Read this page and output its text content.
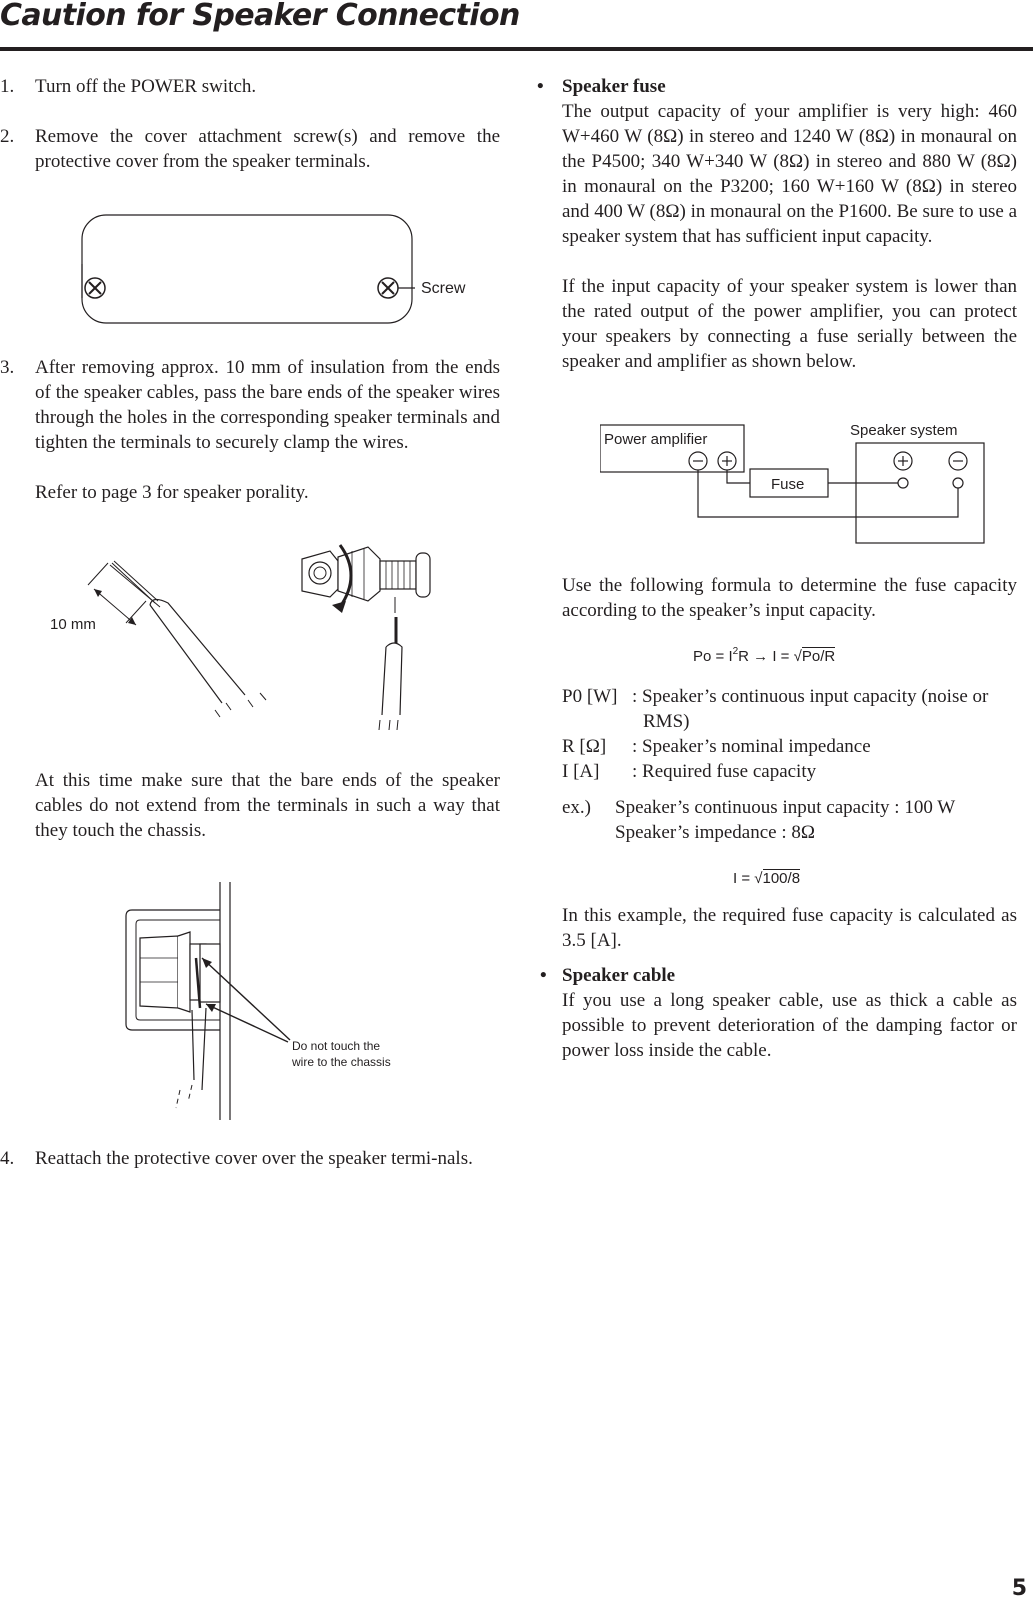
Caution for Speaker Connection
1. Turn off the POWER switch.
2. Remove the cover attachment screw(s) and remove the protective cover from the speaker terminals.
Screw
3. After removing approx. 10 mm of insulation from the ends of the speaker cables, pass the bare ends of the speaker wires through the holes in the corresponding speaker terminals and tighten the terminals to securely clamp the wires.
Refer to page 3 for speaker porality.
10 mm
At this time make sure that the bare ends of the speaker cables do not extend from the terminals in such a way that they touch the chassis.
Do not touch the
wire to the chassis
4. Reattach the protective cover over the speaker termi-nals.
• Speaker fuse
The output capacity of your amplifier is very high: 460 W+460 W (8Ω) in stereo and 1240 W (8Ω) in monaural on the P4500; 340 W+340 W (8Ω) in stereo and 880 W (8Ω) in monaural on the P3200; 160 W+160 W (8Ω) in stereo and 400 W (8Ω) in monaural on the P1600. Be sure to use a speaker system that has sufficient input capacity.
If the input capacity of your speaker system is lower than the rated output of the power amplifier, you can protect your speakers by connecting a fuse serially between the speaker and amplifier as shown below.
Power amplifier
Speaker system
Fuse
Use the following formula to determine the fuse capacity according to the speaker’s input capacity.
$Po = I^2R \to I = √Po/R$
P0 [W] : Speaker’s continuous input capacity (noise or
RMS)
R [Ω] : Speaker’s nominal impedance
I [A] : Required fuse capacity
ex.) Speaker’s continuous input capacity : 100 W
Speaker’s impedance : 8Ω
I = √100/8
In this example, the required fuse capacity is calculated as 3.5 [A].
• Speaker cable
If you use a long speaker cable, use as thick a cable as possible to prevent deterioration of the damping factor or power loss inside the cable.
5
